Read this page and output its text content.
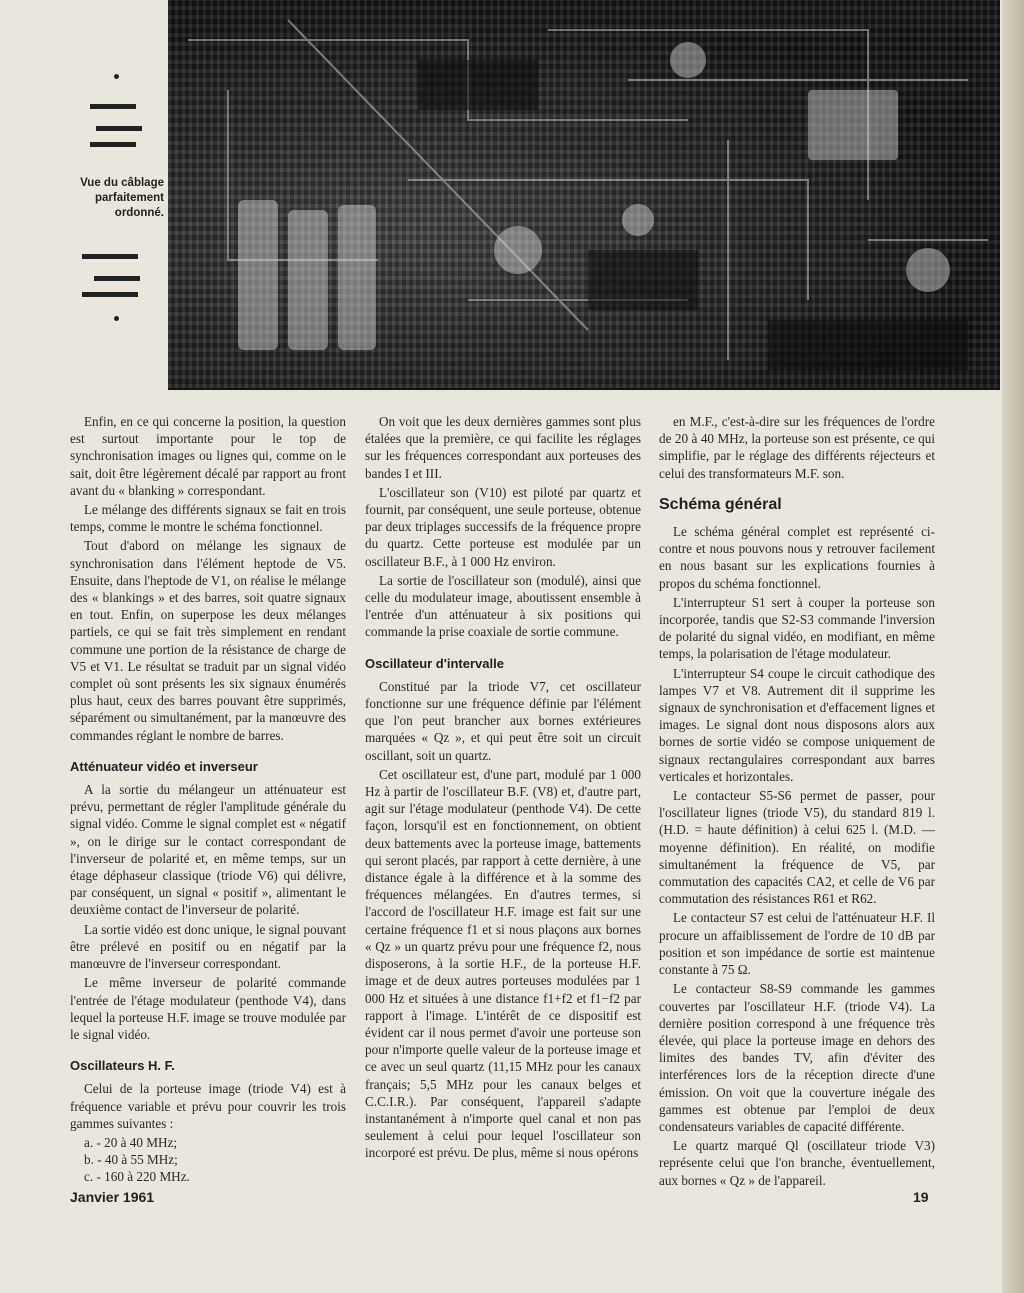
Vue du câblage parfaitement ordonné.

Enfin, en ce qui concerne la position, la question est surtout importante pour le top de synchronisation images ou lignes qui, comme on le sait, doit être légèrement décalé par rapport au front avant du « blanking » correspondant.

Le mélange des différents signaux se fait en trois temps, comme le montre le schéma fonctionnel.

Tout d'abord on mélange les signaux de synchronisation dans l'élément heptode de V5. Ensuite, dans l'heptode de V1, on réalise le mélange des « blankings » et des barres, soit quatre signaux en tout. Enfin, on superpose les deux mélanges partiels, ce qui se fait très simplement en rendant commune une portion de la résistance de charge de V5 et V1. Le résultat se traduit par un signal vidéo complet où sont présents les six signaux énumérés plus haut, ceux des barres pouvant être supprimés, séparément ou simultanément, par la manœuvre des commandes réglant le nombre de barres.

Atténuateur vidéo et inverseur

A la sortie du mélangeur un atténuateur est prévu, permettant de régler l'amplitude générale du signal vidéo. Comme le signal complet est « négatif », on le dirige sur le contact correspondant de l'inverseur de polarité et, en même temps, sur un étage déphaseur classique (triode V6) qui délivre, par conséquent, un signal « positif », alimentant le deuxième contact de l'inverseur de polarité.

La sortie vidéo est donc unique, le signal pouvant être prélevé en positif ou en négatif par la manœuvre de l'inverseur correspondant.

Le même inverseur de polarité commande l'entrée de l'étage modulateur (penthode V4), dans lequel la porteuse H.F. image se trouve modulée par le signal vidéo.

Oscillateurs H. F.

Celui de la porteuse image (triode V4) est à fréquence variable et prévu pour couvrir les trois gammes suivantes :

a. - 20 à 40 MHz;
b. - 40 à 55 MHz;
c. - 160 à 220 MHz.

On voit que les deux dernières gammes sont plus étalées que la première, ce qui facilite les réglages sur les fréquences correspondant aux porteuses des bandes I et III.

L'oscillateur son (V10) est piloté par quartz et fournit, par conséquent, une seule porteuse, obtenue par deux triplages successifs de la fréquence propre du quartz. Cette porteuse est modulée par un oscillateur B.F., à 1 000 Hz environ.

La sortie de l'oscillateur son (modulé), ainsi que celle du modulateur image, aboutissent ensemble à l'entrée d'un atténuateur à six positions qui commande la prise coaxiale de sortie commune.

Oscillateur d'intervalle

Constitué par la triode V7, cet oscillateur fonctionne sur une fréquence définie par l'élément que l'on peut brancher aux bornes extérieures marquées « Qz », et qui peut être soit un circuit oscillant, soit un quartz.

Cet oscillateur est, d'une part, modulé par 1 000 Hz à partir de l'oscillateur B.F. (V8) et, d'autre part, agit sur l'étage modulateur (penthode V4). De cette façon, lorsqu'il est en fonctionnement, on obtient deux battements avec la porteuse image, battements qui seront placés, par rapport à cette dernière, à une distance égale à la différence et à la somme des fréquences mélangées. En d'autres termes, si l'accord de l'oscillateur H.F. image est fait sur une certaine fréquence f1 et si nous plaçons aux bornes « Qz » un quartz prévu pour une fréquence f2, nous disposerons, à la sortie H.F., de la porteuse H.F. image et de deux autres porteuses modulées par 1 000 Hz et situées à une distance f1+f2 et f1−f2 par rapport à l'image. L'intérêt de ce dispositif est évident car il nous permet d'avoir une porteuse son pour n'importe quelle valeur de la porteuse image et ce avec un seul quartz (11,15 MHz pour les canaux français; 5,5 MHz pour les canaux belges et C.C.I.R.). Par conséquent, l'appareil s'adapte instantanément à n'importe quel canal et non pas seulement à celui pour lequel l'oscillateur son incorporé est prévu. De plus, même si nous opérons

en M.F., c'est-à-dire sur les fréquences de l'ordre de 20 à 40 MHz, la porteuse son est présente, ce qui simplifie, par le réglage des différents réjecteurs et celui des transformateurs M.F. son.

Schéma général

Le schéma général complet est représenté ci-contre et nous pouvons nous y retrouver facilement en nous basant sur les explications fournies à propos du schéma fonctionnel.

L'interrupteur S1 sert à couper la porteuse son incorporée, tandis que S2-S3 commande l'inversion de polarité du signal vidéo, en modifiant, en même temps, la polarisation de l'étage modulateur.

L'interrupteur S4 coupe le circuit cathodique des lampes V7 et V8. Autrement dit il supprime les signaux de synchronisation et d'effacement lignes et images. Le signal dont nous disposons alors aux bornes de sortie vidéo se compose uniquement de signaux rectangulaires correspondant aux barres verticales et horizontales.

Le contacteur S5-S6 permet de passer, pour l'oscillateur lignes (triode V5), du standard 819 l. (H.D. = haute définition) à celui 625 l. (M.D. — moyenne définition). En réalité, on modifie simultanément la fréquence de V5, par commutation des capacités CA2, et celle de V6 par commutation des résistances R61 et R62.

Le contacteur S7 est celui de l'atténuateur H.F. Il procure un affaiblissement de l'ordre de 10 dB par position et son impédance de sortie est maintenue constante à 75 Ω.

Le contacteur S8-S9 commande les gammes couvertes par l'oscillateur H.F. (triode V4). La dernière position correspond à une fréquence très élevée, qui place la porteuse image en dehors des limites des bandes TV, afin d'éviter des interférences lors de la réception directe d'une émission. On voit que la couverture inégale des gammes est obtenue par l'emploi de deux condensateurs variables de capacité différente.

Le quartz marqué Ql (oscillateur triode V3) représente celui que l'on branche, éventuellement, aux bornes « Qz » de l'appareil.

Janvier 1961	19
